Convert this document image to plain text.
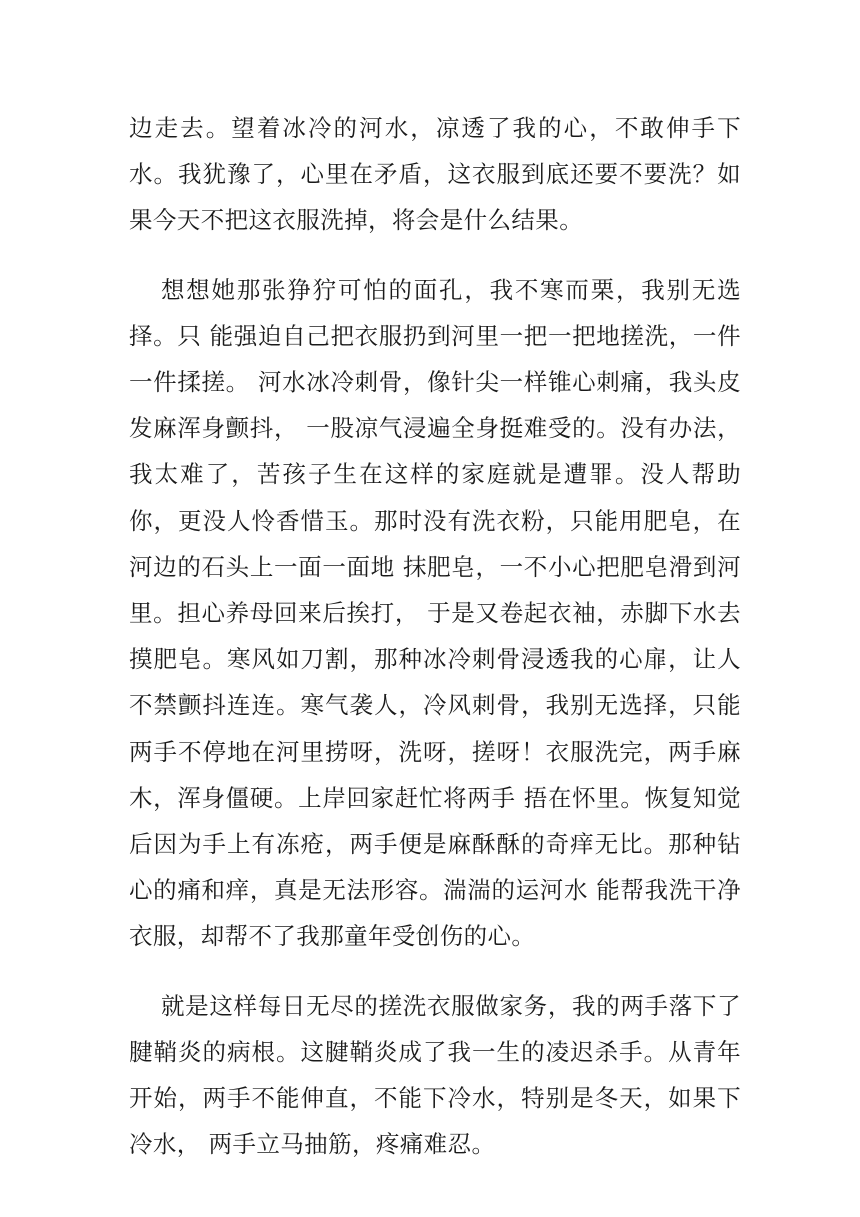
边走去。望着冰冷的河水，凉透了我的心，不敢伸手下水。我犹豫了，心里在矛盾，这衣服到底还要不要洗？如果今天不把这衣服洗掉，将会是什么结果。

想想她那张狰狞可怕的面孔，我不寒而栗，我别无选择。只 能强迫自己把衣服扔到河里一把一把地搓洗，一件一件揉搓。 河水冰冷刺骨，像针尖一样锥心刺痛，我头皮发麻浑身颤抖， 一股凉气浸遍全身挺难受的。没有办法，我太难了，苦孩子生在这样的家庭就是遭罪。没人帮助你，更没人怜香惜玉。那时没有洗衣粉，只能用肥皂，在河边的石头上一面一面地 抹肥皂，一不小心把肥皂滑到河里。担心养母回来后挨打， 于是又卷起衣袖，赤脚下水去摸肥皂。寒风如刀割，那种冰冷刺骨浸透我的心扉，让人不禁颤抖连连。寒气袭人，冷风刺骨，我别无选择，只能两手不停地在河里捞呀，洗呀，搓呀！衣服洗完，两手麻木，浑身僵硬。上岸回家赶忙将两手 捂在怀里。恢复知觉后因为手上有冻疮，两手便是麻酥酥的奇痒无比。那种钻心的痛和痒，真是无法形容。湍湍的运河水 能帮我洗干净衣服，却帮不了我那童年受创伤的心。

就是这样每日无尽的搓洗衣服做家务，我的两手落下了 腱鞘炎的病根。这腱鞘炎成了我一生的凌迟杀手。从青年开始，两手不能伸直，不能下冷水，特别是冬天，如果下冷水， 两手立马抽筋，疼痛难忍。
